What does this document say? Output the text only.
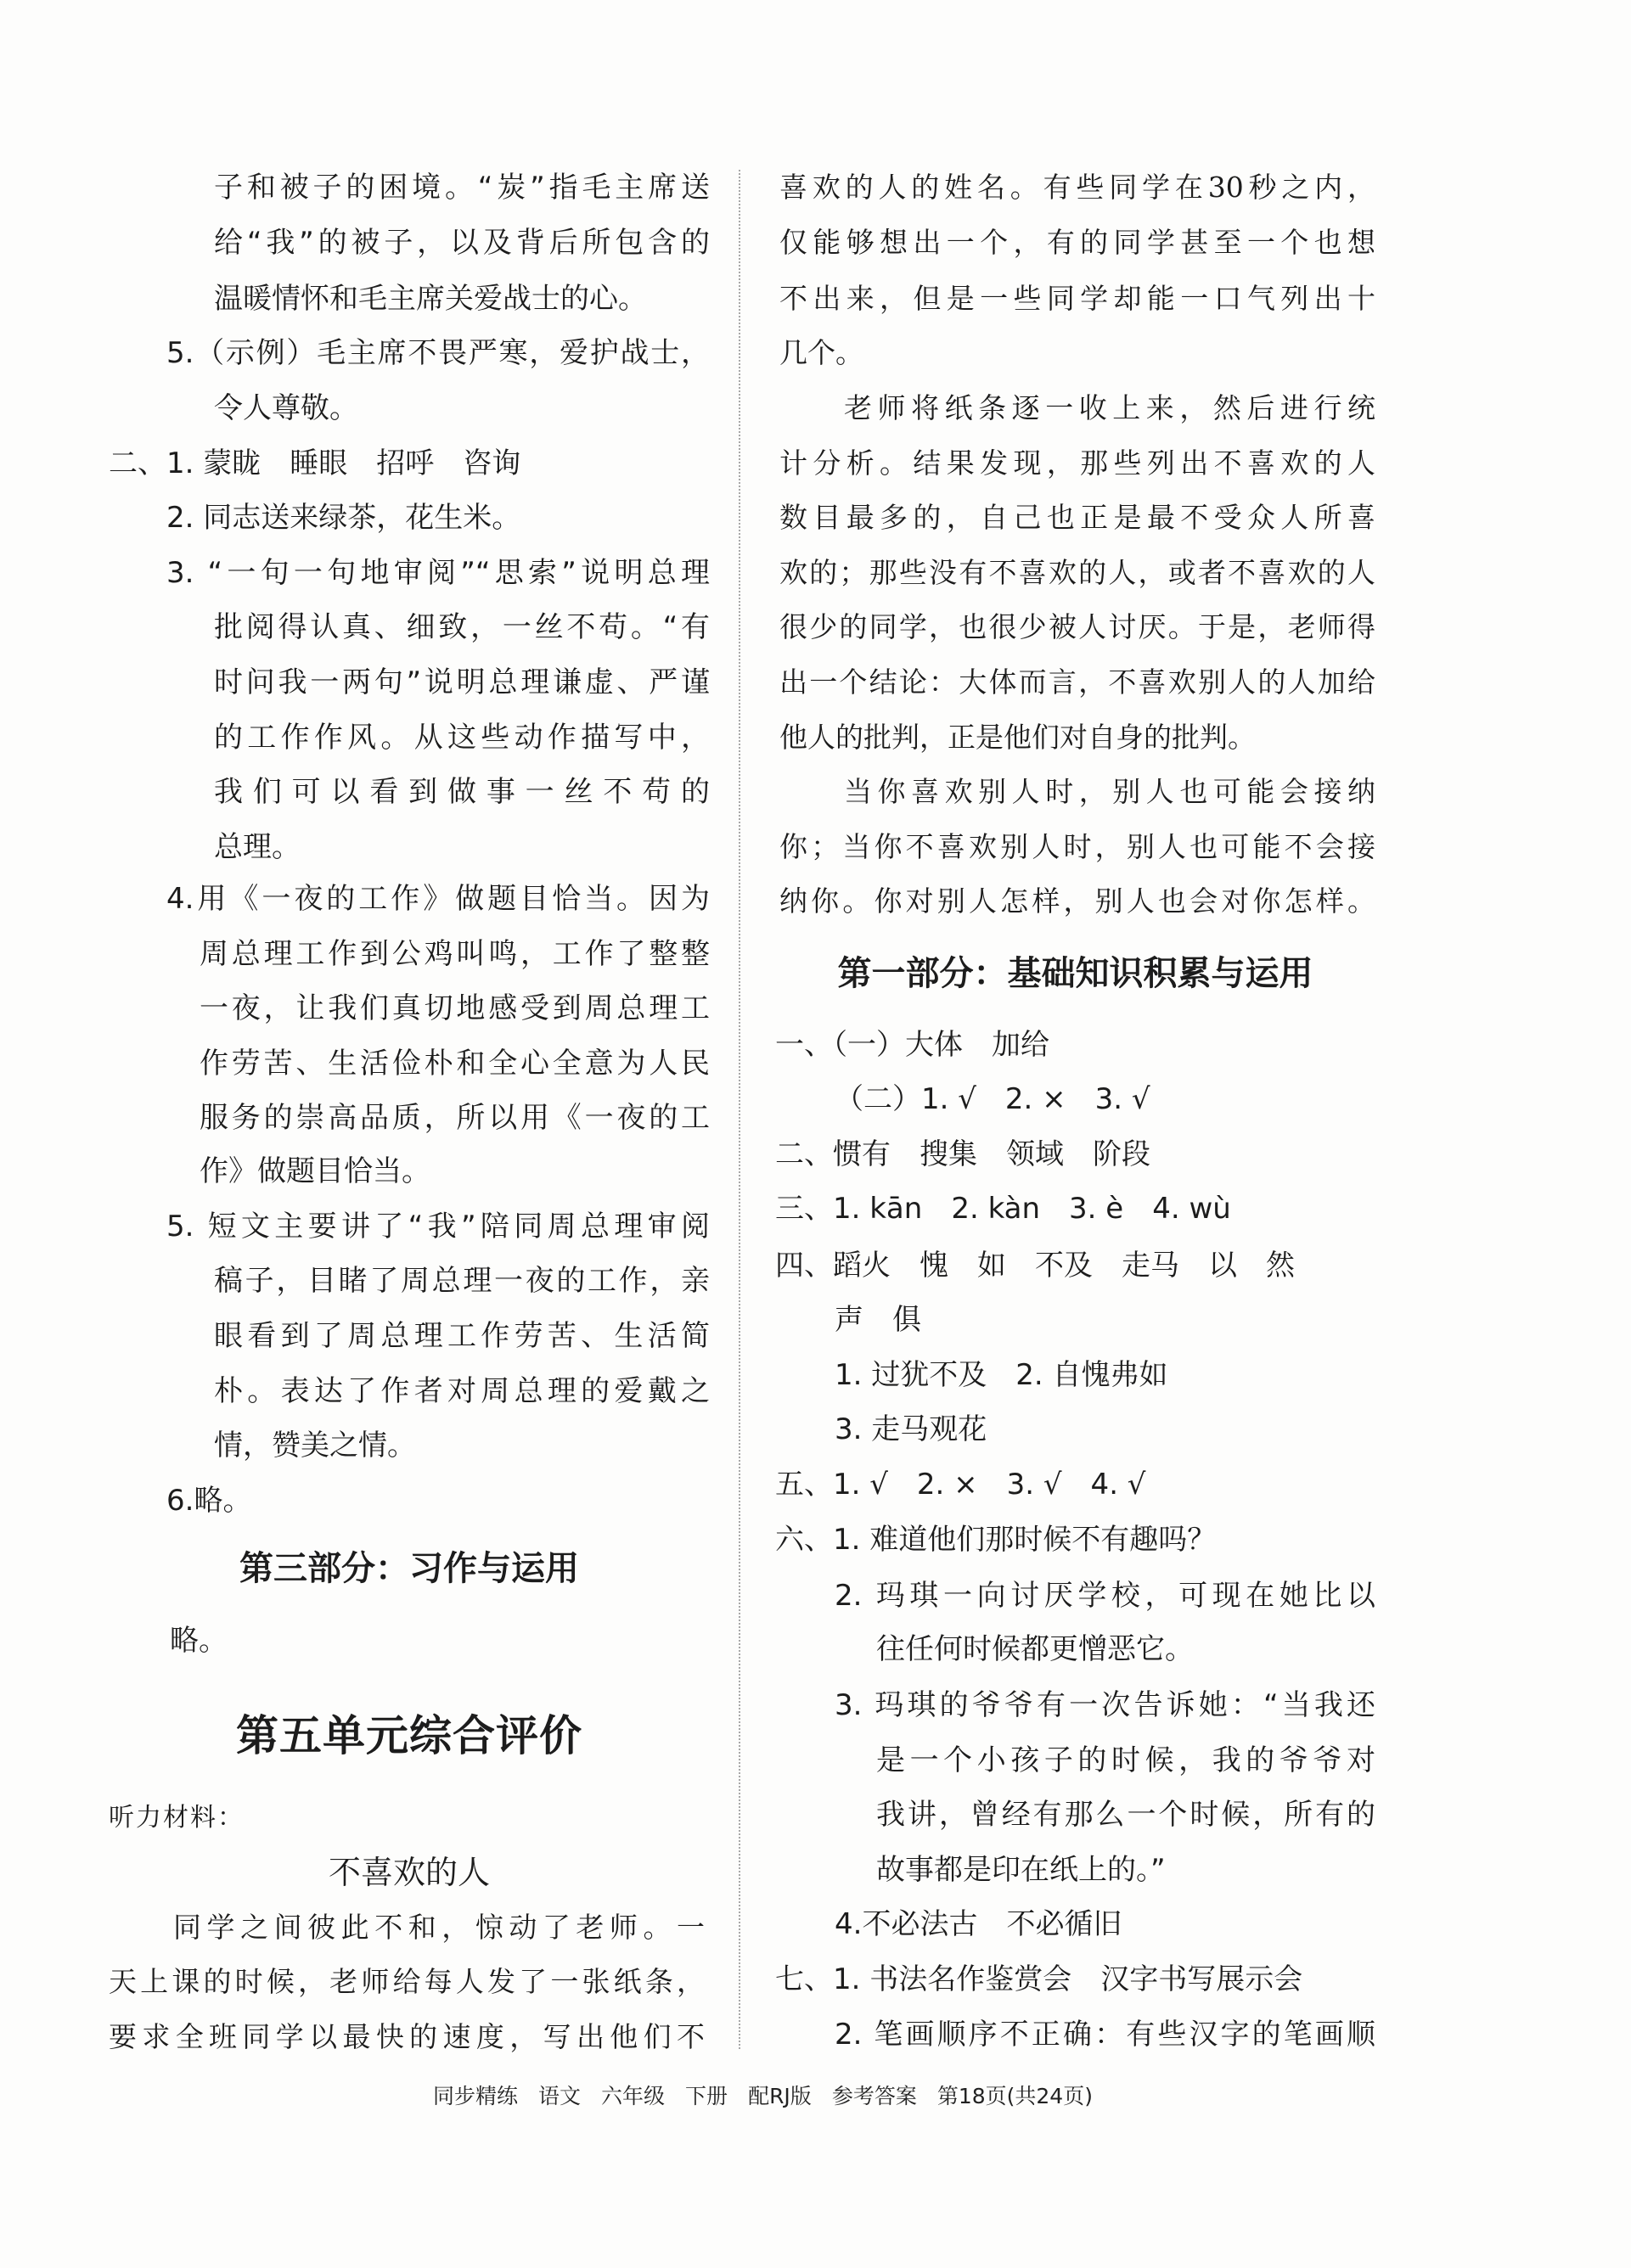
子和被子的困境。“炭”指毛主席送
给“我”的被子，以及背后所包含的
温暖情怀和毛主席关爱战士的心。
5.（示例）毛主席不畏严寒，爱护战士，
令人尊敬。
二、1. 蒙眬　睡眼　招呼　咨询
2. 同志送来绿茶，花生米。
3. “一句一句地审阅”“思索”说明总理
批阅得认真、细致，一丝不苟。“有
时问我一两句”说明总理谦虚、严谨
的工作作风。从这些动作描写中，
我们可以看到做事一丝不苟的
总理。
4.用《一夜的工作》做题目恰当。因为
周总理工作到公鸡叫鸣，工作了整整
一夜，让我们真切地感受到周总理工
作劳苦、生活俭朴和全心全意为人民
服务的崇高品质，所以用《一夜的工
作》做题目恰当。
5. 短文主要讲了“我”陪同周总理审阅
稿子，目睹了周总理一夜的工作，亲
眼看到了周总理工作劳苦、生活简
朴。表达了作者对周总理的爱戴之
情，赞美之情。
6.略。
第三部分：习作与运用
略。
第五单元综合评价
听力材料：
不喜欢的人
同学之间彼此不和，惊动了老师。一
天上课的时候，老师给每人发了一张纸条，
要求全班同学以最快的速度，写出他们不
喜欢的人的姓名。有些同学在30秒之内，
仅能够想出一个，有的同学甚至一个也想
不出来，但是一些同学却能一口气列出十
几个。
老师将纸条逐一收上来，然后进行统
计分析。结果发现，那些列出不喜欢的人
数目最多的，自己也正是最不受众人所喜
欢的；那些没有不喜欢的人，或者不喜欢的人
很少的同学，也很少被人讨厌。于是，老师得
出一个结论：大体而言，不喜欢别人的人加给
他人的批判，正是他们对自身的批判。
当你喜欢别人时，别人也可能会接纳
你；当你不喜欢别人时，别人也可能不会接
纳你。你对别人怎样，别人也会对你怎样。
第一部分：基础知识积累与运用
一、（一）大体　加给
（二）1. √　2. ×　3. √
二、惯有　搜集　领域　阶段
三、1. kān　2. kàn　3. è　4. wù
四、蹈火　愧　如　不及　走马　以　然
声　俱
1. 过犹不及　2. 自愧弗如
3. 走马观花
五、1. √　2. ×　3. √　4. √
六、1. 难道他们那时候不有趣吗？
2. 玛琪一向讨厌学校，可现在她比以
往任何时候都更憎恶它。
3. 玛琪的爷爷有一次告诉她：“当我还
是一个小孩子的时候，我的爷爷对
我讲，曾经有那么一个时候，所有的
故事都是印在纸上的。”
4.不必法古　不必循旧
七、1. 书法名作鉴赏会　汉字书写展示会
2. 笔画顺序不正确：有些汉字的笔画顺
同步精练 语文 六年级 下册 配RJ版 参考答案 第18页(共24页)
